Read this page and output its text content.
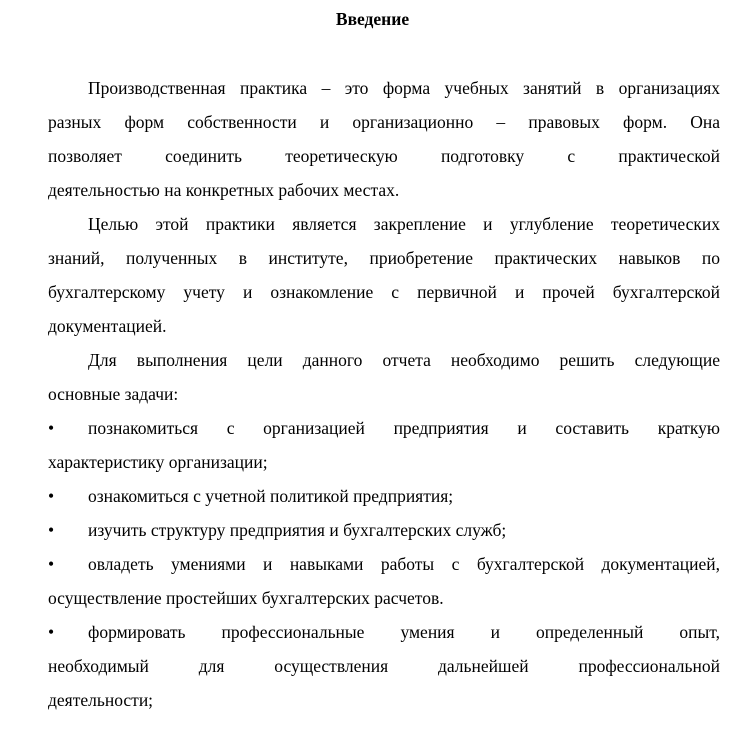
Введение
Производственная практика – это форма учебных занятий в организациях
разных форм собственности и организационно – правовых форм. Она
позволяет соединить теоретическую подготовку с практической
деятельностью на конкретных рабочих местах.
Целью этой практики является закрепление и углубление теоретических
знаний, полученных в институте, приобретение практических навыков по
бухгалтерскому учету и ознакомление с первичной и прочей бухгалтерской
документацией.
Для выполнения цели данного отчета необходимо решить следующие
основные задачи:
•	познакомиться с организацией предприятия и составить краткую
характеристику организации;
•	ознакомиться с учетной политикой предприятия;
•	изучить структуру предприятия и бухгалтерских служб;
•	овладеть умениями и навыками работы с бухгалтерской документацией,
осуществление простейших бухгалтерских расчетов.
•	формировать профессиональные умения и определенный опыт,
необходимый для осуществления дальнейшей профессиональной
деятельности;
